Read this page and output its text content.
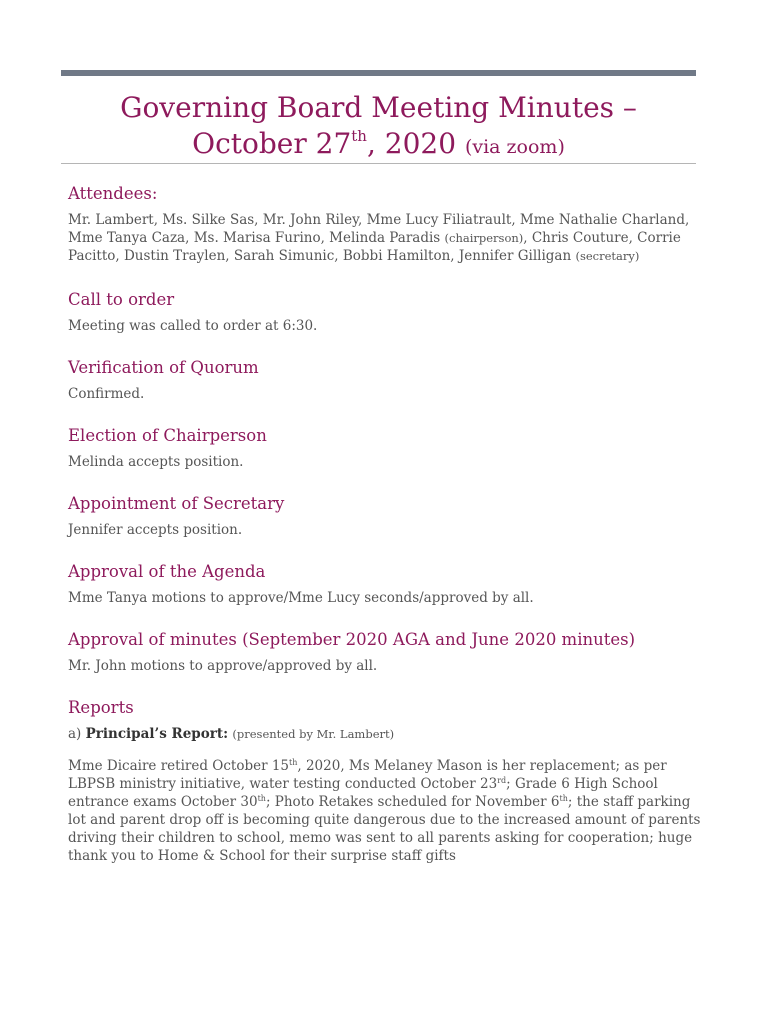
Governing Board Meeting Minutes –
October 27th, 2020 (via zoom)
Attendees:

Mr. Lambert, Ms. Silke Sas, Mr. John Riley, Mme Lucy Filiatrault, Mme Nathalie Charland, Mme Tanya Caza, Ms. Marisa Furino, Melinda Paradis (chairperson), Chris Couture, Corrie Pacitto, Dustin Traylen, Sarah Simunic, Bobbi Hamilton, Jennifer Gilligan (secretary)

Call to order

Meeting was called to order at 6:30.

Verification of Quorum

Confirmed.

Election of Chairperson

Melinda accepts position.

Appointment of Secretary

Jennifer accepts position.

Approval of the Agenda

Mme Tanya motions to approve/Mme Lucy seconds/approved by all.

Approval of minutes (September 2020 AGA and June 2020 minutes)

Mr. John motions to approve/approved by all.

Reports

a) Principal’s Report: (presented by Mr. Lambert)

Mme Dicaire retired October 15th, 2020, Ms Melaney Mason is her replacement; as per LBPSB ministry initiative, water testing conducted October 23rd; Grade 6 High School entrance exams October 30th; Photo Retakes scheduled for November 6th; the staff parking lot and parent drop off is becoming quite dangerous due to the increased amount of parents driving their children to school, memo was sent to all parents asking for cooperation; huge thank you to Home & School for their surprise staff gifts
